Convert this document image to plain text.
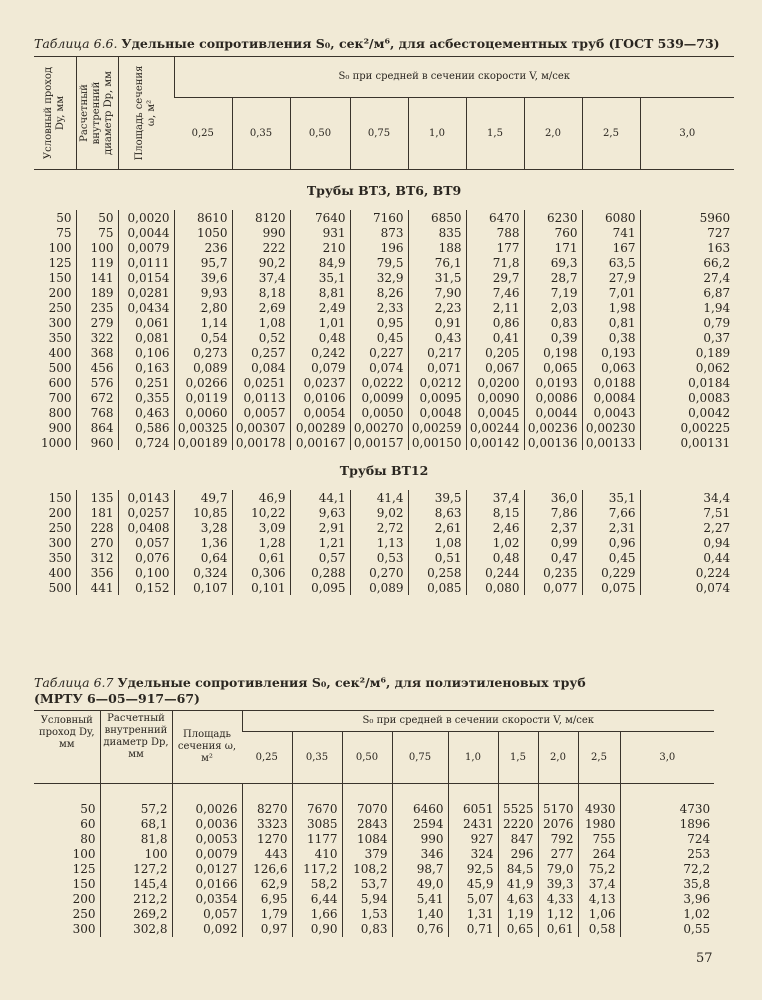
Таблица 6.6. Удельные сопротивления S₀, сек²/м⁶, для асбестоцементных труб (ГОСТ 539—73)
Условный проход Dy, мм	Расчетный внутренний диаметр Dр, мм	Площадь сечения ω, м²	S₀ при средней в сечении скорости V, м/сек								
			0,25	0,35	0,50	0,75	1,0	1,5	2,0	2,5	3,0
Трубы ВТ3, ВТ6, ВТ9											
50	50	0,0020	8610	8120	7640	7160	6850	6470	6230	6080	5960
75	75	0,0044	1050	990	931	873	835	788	760	741	727
100	100	0,0079	236	222	210	196	188	177	171	167	163
125	119	0,0111	95,7	90,2	84,9	79,5	76,1	71,8	69,3	63,5	66,2
150	141	0,0154	39,6	37,4	35,1	32,9	31,5	29,7	28,7	27,9	27,4
200	189	0,0281	9,93	8,18	8,81	8,26	7,90	7,46	7,19	7,01	6,87
250	235	0,0434	2,80	2,69	2,49	2,33	2,23	2,11	2,03	1,98	1,94
300	279	0,061	1,14	1,08	1,01	0,95	0,91	0,86	0,83	0,81	0,79
350	322	0,081	0,54	0,52	0,48	0,45	0,43	0,41	0,39	0,38	0,37
400	368	0,106	0,273	0,257	0,242	0,227	0,217	0,205	0,198	0,193	0,189
500	456	0,163	0,089	0,084	0,079	0,074	0,071	0,067	0,065	0,063	0,062
600	576	0,251	0,0266	0,0251	0,0237	0,0222	0,0212	0,0200	0,0193	0,0188	0,0184
700	672	0,355	0,0119	0,0113	0,0106	0,0099	0,0095	0,0090	0,0086	0,0084	0,0083
800	768	0,463	0,0060	0,0057	0,0054	0,0050	0,0048	0,0045	0,0044	0,0043	0,0042
900	864	0,586	0,00325	0,00307	0,00289	0,00270	0,00259	0,00244	0,00236	0,00230	0,00225
1000	960	0,724	0,00189	0,00178	0,00167	0,00157	0,00150	0,00142	0,00136	0,00133	0,00131
Трубы ВТ12											
150	135	0,0143	49,7	46,9	44,1	41,4	39,5	37,4	36,0	35,1	34,4
200	181	0,0257	10,85	10,22	9,63	9,02	8,63	8,15	7,86	7,66	7,51
250	228	0,0408	3,28	3,09	2,91	2,72	2,61	2,46	2,37	2,31	2,27
300	270	0,057	1,36	1,28	1,21	1,13	1,08	1,02	0,99	0,96	0,94
350	312	0,076	0,64	0,61	0,57	0,53	0,51	0,48	0,47	0,45	0,44
400	356	0,100	0,324	0,306	0,288	0,270	0,258	0,244	0,235	0,229	0,224
500	441	0,152	0,107	0,101	0,095	0,089	0,085	0,080	0,077	0,075	0,074
Таблица 6.7 Удельные сопротивления S₀, сек²/м⁶, для полиэтиленовых труб
(МРТУ 6—05—917—67)
Условный проход Dy, мм	Расчетный внутренний диаметр Dр, мм	Площадь сечения ω, м²	S₀ при средней в сечении скорости V, м/сек								
			0,25	0,35	0,50	0,75	1,0	1,5	2,0	2,5	3,0

50	57,2	0,0026	8270	7670	7070	6460	6051	5525	5170	4930	4730
60	68,1	0,0036	3323	3085	2843	2594	2431	2220	2076	1980	1896
80	81,8	0,0053	1270	1177	1084	990	927	847	792	755	724
100	100	0,0079	443	410	379	346	324	296	277	264	253
125	127,2	0,0127	126,6	117,2	108,2	98,7	92,5	84,5	79,0	75,2	72,2
150	145,4	0,0166	62,9	58,2	53,7	49,0	45,9	41,9	39,3	37,4	35,8
200	212,2	0,0354	6,95	6,44	5,94	5,41	5,07	4,63	4,33	4,13	3,96
250	269,2	0,057	1,79	1,66	1,53	1,40	1,31	1,19	1,12	1,06	1,02
300	302,8	0,092	0,97	0,90	0,83	0,76	0,71	0,65	0,61	0,58	0,55
57
